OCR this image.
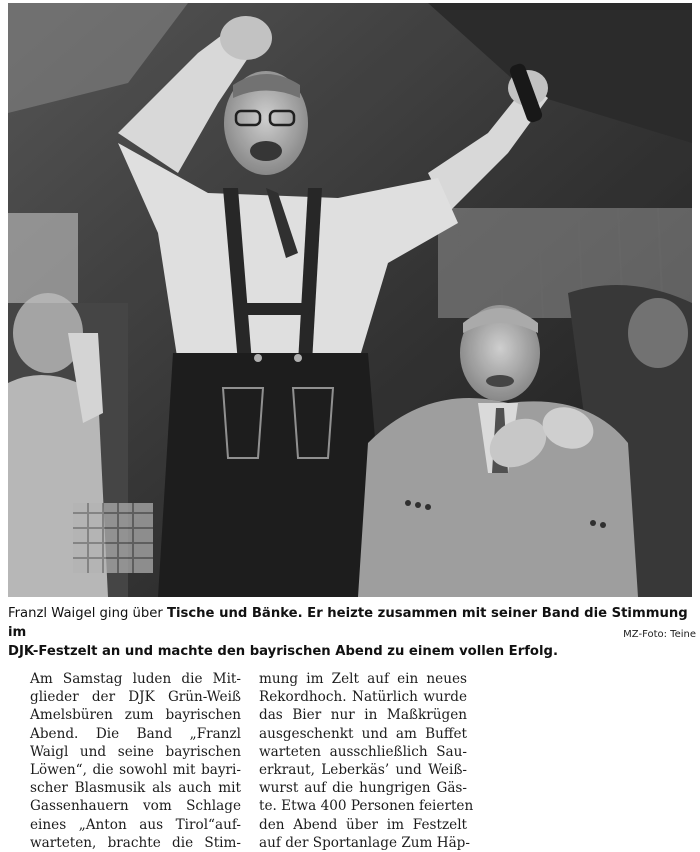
Franzl Waigel ging über Tische und Bänke. Er heizte zusammen mit seiner Band die Stimmung im
DJK-Festzelt an und machte den bayrischen Abend zu einem vollen Erfolg.
MZ-Foto: Teine
Am Samstag luden die Mit-
glieder der DJK Grün-Weiß
Amelsbüren zum bayrischen
Abend. Die Band „Franzl
Waigl und seine bayrischen
Löwen“, die sowohl mit bayri-
scher Blasmusik als auch mit
Gassenhauern vom Schlage
eines „Anton aus Tirol“auf-
warteten, brachte die Stim-
mung im Zelt auf ein neues
Rekordhoch. Natürlich wurde
das Bier nur in Maßkrügen
ausgeschenkt und am Buffet
warteten ausschließlich Sau-
erkraut, Leberkäs’ und Weiß-
wurst auf die hungrigen Gäs-
te. Etwa 400 Personen feierten
den Abend über im Festzelt
auf der Sportanlage Zum Häp-
